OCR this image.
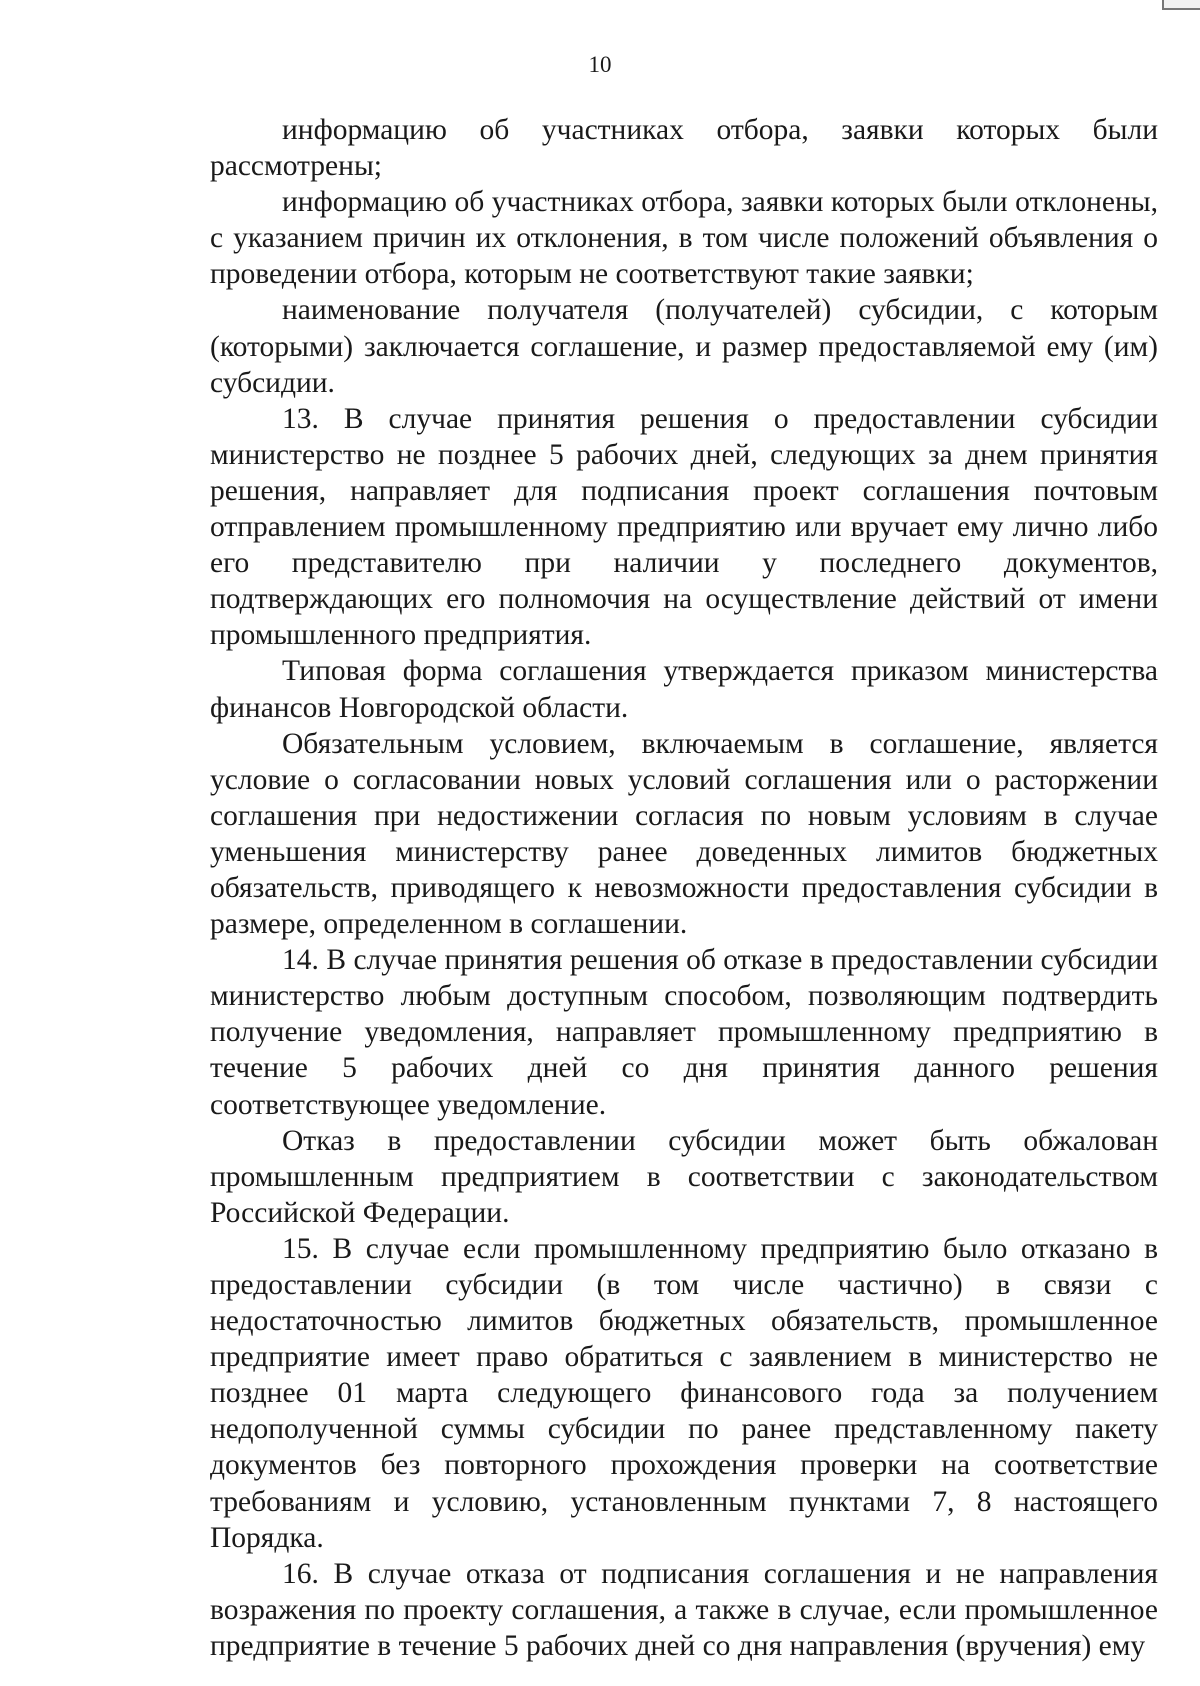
10

информацию об участниках отбора, заявки которых были рассмотрены;

информацию об участниках отбора, заявки которых были отклонены, с указанием причин их отклонения, в том числе положений объявления о проведении отбора, которым не соответствуют такие заявки;

наименование получателя (получателей) субсидии, с которым (которыми) заключается соглашение, и размер предоставляемой ему (им) субсидии.

13. В случае принятия решения о предоставлении субсидии министерство не позднее 5 рабочих дней, следующих за днем принятия решения, направляет для подписания проект соглашения почтовым отправлением промышленному предприятию или вручает ему лично либо его представителю при наличии у последнего документов, подтверждающих его полномочия на осуществление действий от имени промышленного предприятия.

Типовая форма соглашения утверждается приказом министерства финансов Новгородской области.

Обязательным условием, включаемым в соглашение, является условие о согласовании новых условий соглашения или о расторжении соглашения при недостижении согласия по новым условиям в случае уменьшения министерству ранее доведенных лимитов бюджетных обязательств, приводящего к невозможности предоставления субсидии в размере, определенном в соглашении.

14. В случае принятия решения об отказе в предоставлении субсидии министерство любым доступным способом, позволяющим подтвердить получение уведомления, направляет промышленному предприятию в течение 5 рабочих дней со дня принятия данного решения соответствующее уведомление.

Отказ в предоставлении субсидии может быть обжалован промышленным предприятием в соответствии с законодательством Российской Федерации.

15. В случае если промышленному предприятию было отказано в предоставлении субсидии (в том числе частично) в связи с недостаточностью лимитов бюджетных обязательств, промышленное предприятие имеет право обратиться с заявлением в министерство не позднее 01 марта следующего финансового года за получением недополученной суммы субсидии по ранее представленному пакету документов без повторного прохождения проверки на соответствие требованиям и условию, установленным пунктами 7, 8 настоящего Порядка.

16. В случае отказа от подписания соглашения и не направления возражения по проекту соглашения, а также в случае, если промышленное предприятие в течение 5 рабочих дней со дня направления (вручения) ему
